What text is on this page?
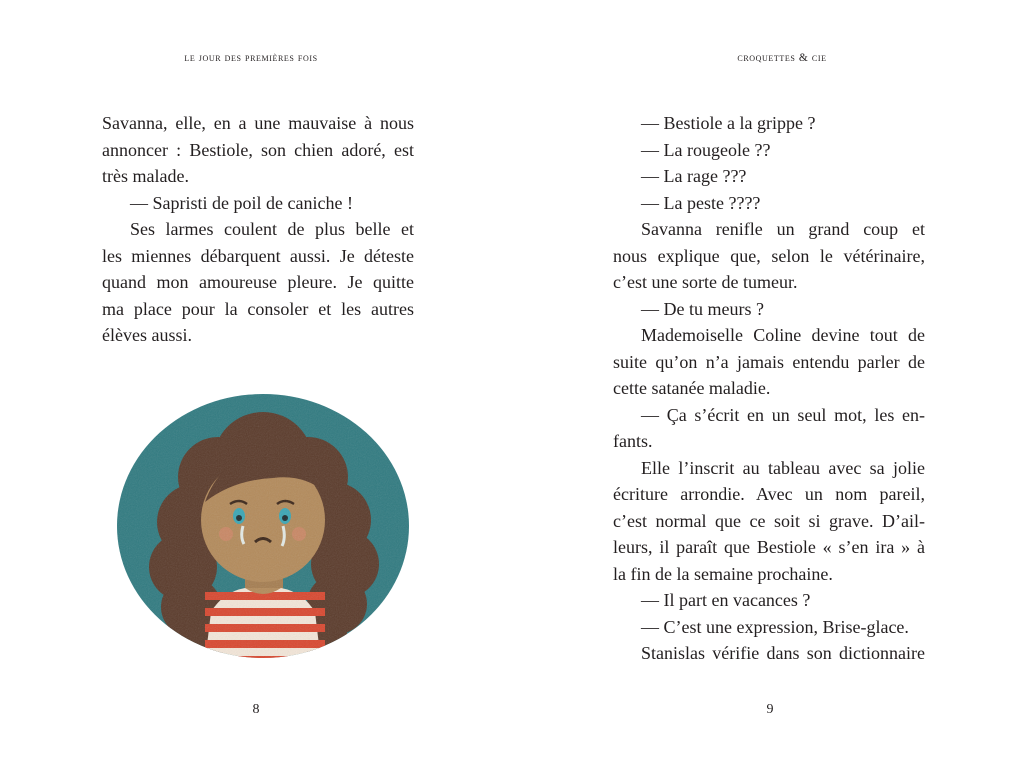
le jour des premières fois
Savanna, elle, en a une mauvaise à nous
annoncer : Bestiole, son chien adoré, est
très malade.
— Sapristi de poil de caniche !
Ses larmes coulent de plus belle et
les miennes débarquent aussi. Je déteste
quand mon amoureuse pleure. Je quitte
ma place pour la consoler et les autres
élèves aussi.
8
croquettes & cie
— Bestiole a la grippe ?
— La rougeole ??
— La rage ???
— La peste ????
Savanna renifle un grand coup et
nous explique que, selon le vétérinaire,
c’est une sorte de tumeur.
— De tu meurs ?
Mademoiselle Coline devine tout de
suite qu’on n’a jamais entendu parler de
cette satanée maladie.
— Ça s’écrit en un seul mot, les en-
fants.
Elle l’inscrit au tableau avec sa jolie
écriture arrondie. Avec un nom pareil,
c’est normal que ce soit si grave. D’ail-
leurs, il paraît que Bestiole « s’en ira » à
la fin de la semaine prochaine.
— Il part en vacances ?
— C’est une expression, Brise-glace.
Stanislas vérifie dans son dictionnaire
9
